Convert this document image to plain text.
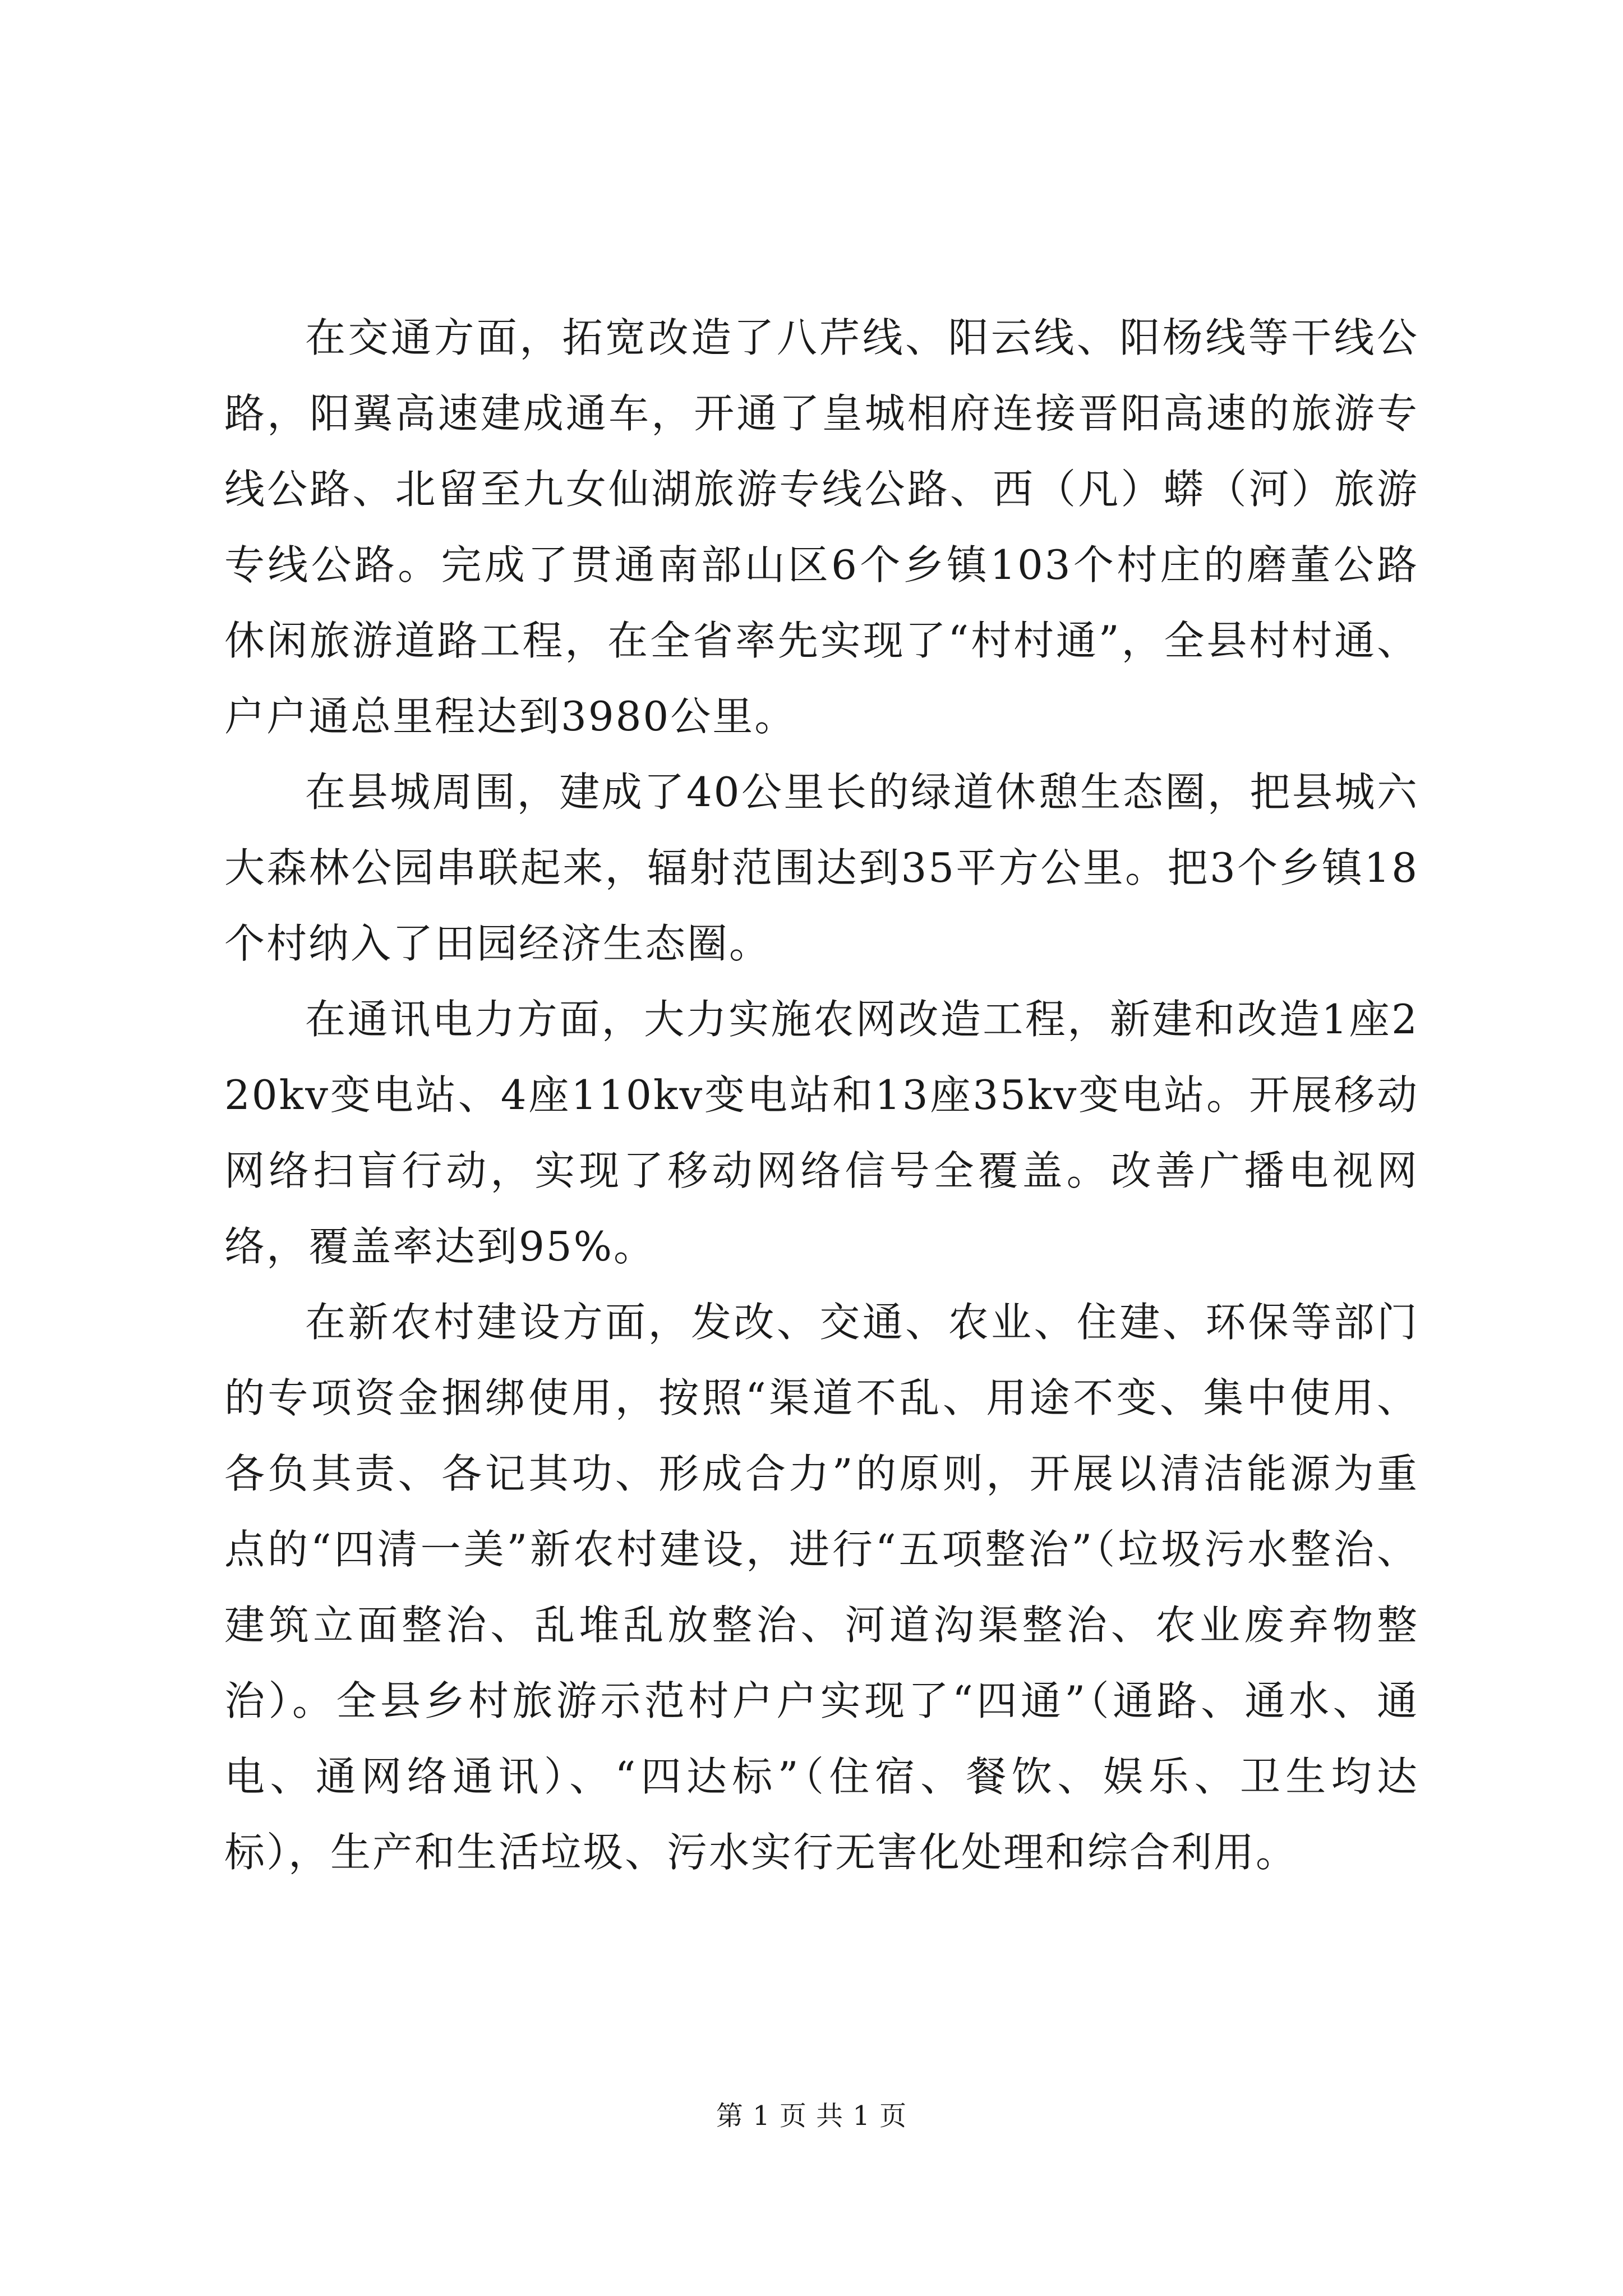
在交通方面，拓宽改造了八芹线、阳云线、阳杨线等干线公路，阳翼高速建成通车，开通了皇城相府连接晋阳高速的旅游专线公路、北留至九女仙湖旅游专线公路、西（凡）蟒（河）旅游专线公路。完成了贯通南部山区6个乡镇103个村庄的磨董公路休闲旅游道路工程，在全省率先实现了“村村通”，全县村村通、户户通总里程达到3980公里。

在县城周围，建成了40公里长的绿道休憩生态圈，把县城六大森林公园串联起来，辐射范围达到35平方公里。把3个乡镇18个村纳入了田园经济生态圈。

在通讯电力方面，大力实施农网改造工程，新建和改造1座220kv变电站、4座110kv变电站和13座35kv变电站。开展移动网络扫盲行动，实现了移动网络信号全覆盖。改善广播电视网络，覆盖率达到95%。

在新农村建设方面，发改、交通、农业、住建、环保等部门的专项资金捆绑使用，按照“渠道不乱、用途不变、集中使用、各负其责、各记其功、形成合力”的原则，开展以清洁能源为重点的“四清一美”新农村建设，进行“五项整治”（垃圾污水整治、建筑立面整治、乱堆乱放整治、河道沟渠整治、农业废弃物整治）。全县乡村旅游示范村户户实现了“四通”（通路、通水、通电、通网络通讯）、“四达标”（住宿、餐饮、娱乐、卫生均达标），生产和生活垃圾、污水实行无害化处理和综合利用。

第 1 页 共 1 页
